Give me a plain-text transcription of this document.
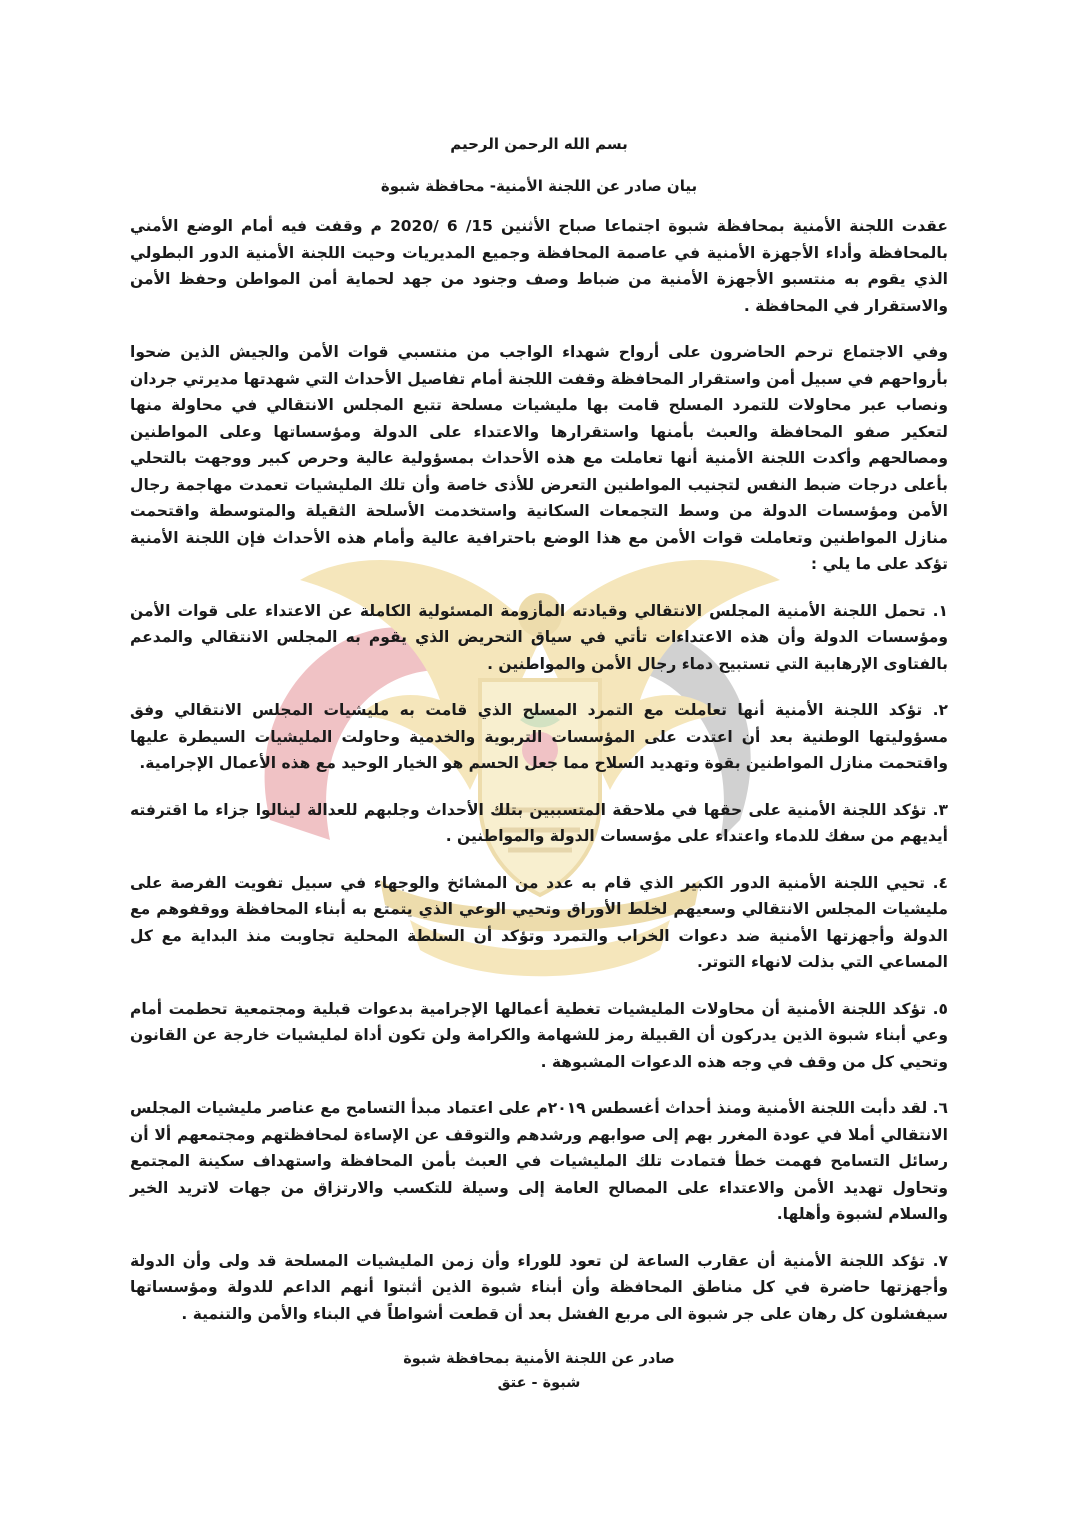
بسم الله الرحمن الرحيم
بيان صادر عن اللجنة الأمنية- محافظة شبوة

عقدت اللجنة الأمنية بمحافظة شبوة اجتماعا صباح الأثنين 15/ 6 /2020 م وقفت فيه أمام الوضع الأمني بالمحافظة وأداء الأجهزة الأمنية في عاصمة المحافظة وجميع المديريات وحيت اللجنة الأمنية الدور البطولي الذي يقوم به منتسبو الأجهزة الأمنية من ضباط وصف وجنود من جهد لحماية أمن المواطن وحفظ الأمن والاستقرار في المحافظة .

وفي الاجتماع ترحم الحاضرون على أرواح شهداء الواجب من منتسبي قوات الأمن والجيش الذين ضحوا بأرواحهم في سبيل أمن واستقرار المحافظة وقفت اللجنة أمام تفاصيل الأحداث التي شهدتها مديرتي جردان ونصاب عبر محاولات للتمرد المسلح قامت بها مليشيات مسلحة تتبع المجلس الانتقالي في محاولة منها لتعكير صفو المحافظة والعبث بأمنها واستقرارها والاعتداء على الدولة ومؤسساتها وعلى المواطنين ومصالحهم وأكدت اللجنة الأمنية أنها تعاملت مع هذه الأحداث بمسؤولية عالية وحرص كبير ووجهت بالتحلي بأعلى درجات ضبط النفس لتجنيب المواطنين التعرض للأذى خاصة وأن تلك المليشيات تعمدت مهاجمة رجال الأمن ومؤسسات الدولة من وسط التجمعات السكانية واستخدمت الأسلحة الثقيلة والمتوسطة واقتحمت منازل المواطنين وتعاملت قوات الأمن مع هذا الوضع باحترافية عالية وأمام هذه الأحداث فإن اللجنة الأمنية تؤكد على ما يلي :

١. تحمل اللجنة الأمنية المجلس الانتقالي وقيادته المأزومة المسئولية الكاملة عن الاعتداء على قوات الأمن ومؤسسات الدولة وأن هذه الاعتداءات تأتي في سياق التحريض الذي يقوم به المجلس الانتقالي والمدعم بالفتاوى الإرهابية التي تستبيح دماء رجال الأمن والمواطنين .

٢. تؤكد اللجنة الأمنية أنها تعاملت مع التمرد المسلح الذي قامت به مليشيات المجلس الانتقالي وفق مسؤوليتها الوطنية بعد أن اعتدت على المؤسسات التربوية والخدمية وحاولت المليشيات السيطرة عليها واقتحمت منازل المواطنين بقوة وتهديد السلاح مما جعل الحسم هو الخيار الوحيد مع هذه الأعمال الإجرامية.

٣. تؤكد اللجنة الأمنية على حقها في ملاحقة المتسببين بتلك الأحداث وجلبهم للعدالة لينالوا جزاء ما اقترفته أيديهم من سفك للدماء واعتداء على مؤسسات الدولة والمواطنين .

٤. تحيي اللجنة الأمنية الدور الكبير الذي قام به عدد من المشائخ والوجهاء في سبيل تفويت الفرصة على مليشيات المجلس الانتقالي وسعيهم لخلط الأوراق وتحيي الوعي الذي يتمتع به أبناء المحافظة ووقفوهم مع الدولة وأجهزتها الأمنية ضد دعوات الخراب والتمرد وتؤكد أن السلطة المحلية تجاوبت منذ البداية مع كل المساعي التي بذلت لانهاء التوتر.

٥. تؤكد اللجنة الأمنية أن محاولات المليشيات تغطية أعمالها الإجرامية بدعوات قبلية ومجتمعية تحطمت أمام وعي أبناء شبوة الذين يدركون أن القبيلة رمز للشهامة والكرامة ولن تكون أداة لمليشيات خارجة عن القانون وتحيي كل من وقف في وجه هذه الدعوات المشبوهة .

٦. لقد دأبت اللجنة الأمنية ومنذ أحداث أغسطس ٢٠١٩م على اعتماد مبدأ التسامح مع عناصر مليشيات المجلس الانتقالي أملا في عودة المغرر بهم إلى صوابهم ورشدهم والتوقف عن الإساءة لمحافظتهم ومجتمعهم ألا أن رسائل التسامح فهمت خطأ فتمادت تلك المليشيات في العبث بأمن المحافظة واستهداف سكينة المجتمع وتحاول تهديد الأمن والاعتداء على المصالح العامة إلى وسيلة للتكسب والارتزاق من جهات لاتريد الخير والسلام لشبوة وأهلها.

٧. تؤكد اللجنة الأمنية أن عقارب الساعة لن تعود للوراء وأن زمن المليشيات المسلحة قد ولى وأن الدولة وأجهزتها حاضرة في كل مناطق المحافظة وأن أبناء شبوة الذين أثبتوا أنهم الداعم للدولة ومؤسساتها سيفشلون كل رهان على جر شبوة الى مربع الفشل بعد أن قطعت أشواطاً في البناء والأمن والتنمية .

صادر عن اللجنة الأمنية بمحافظة شبوة
شبوة - عتق
